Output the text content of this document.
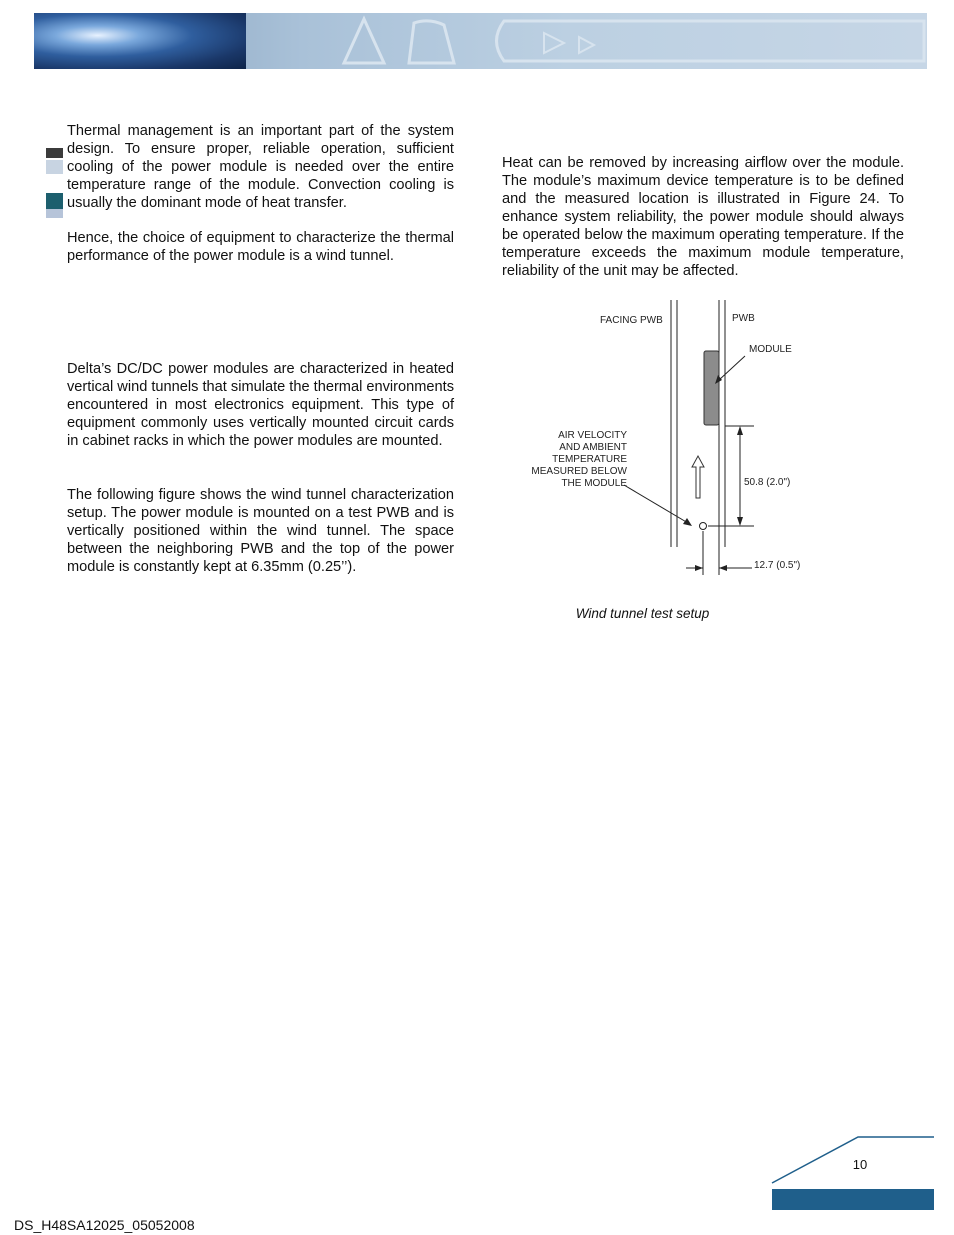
Thermal management is an important part of the system design. To ensure proper, reliable operation, sufficient cooling of the power module is needed over the entire temperature range of the module. Convection cooling is usually the dominant mode of heat transfer.

Hence, the choice of equipment to characterize the thermal performance of the power module is a wind tunnel.

Delta’s DC/DC power modules are characterized in heated vertical wind tunnels that simulate the thermal environments encountered in most electronics equipment. This type of equipment commonly uses vertically mounted circuit cards in cabinet racks in which the power modules are mounted.

The following figure shows the wind tunnel characterization setup. The power module is mounted on a test PWB and is vertically positioned within the wind tunnel. The space between the neighboring PWB and the top of the power module is constantly kept at 6.35mm (0.25’’).

Heat can be removed by increasing airflow over the module. The module’s maximum device temperature is to be defined and the measured location is illustrated in Figure 24. To enhance system reliability, the power module should always be operated below the maximum operating temperature. If the temperature exceeds the maximum module temperature, reliability of the unit may be affected.

FACING PWB	PWB
MODULE
AIR VELOCITY
AND AMBIENT
TEMPERATURE
MEASURED BELOW
THE MODULE	50.8 (2.0")
12.7 (0.5")
Wind tunnel test setup
10
DS_H48SA12025_05052008
